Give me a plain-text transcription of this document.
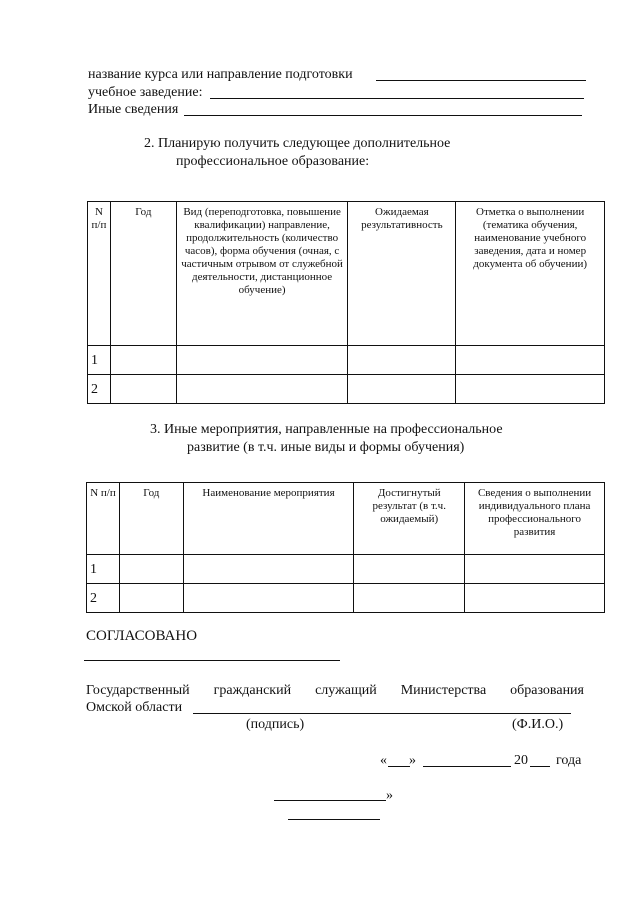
название курса или направление подготовки
учебное заведение:
Иные сведения
2. Планирую получить следующее дополнительное
профессиональное образование:
N п/п	Год	Вид (переподготовка, повышение квалификации) направление, продолжительность (количество часов), форма обучения (очная, с частичным отрывом от служебной деятельности, дистанционное обучение)	Ожидаемая результативность	Отметка о выполнении (тематика обучения, наименование учебного заведения, дата и номер документа об обучении)
1				
2				
3. Иные мероприятия, направленные на профессиональное
развитие (в т.ч. иные виды и формы обучения)
N п/п	Год	Наименование мероприятия	Достигнутый результат (в т.ч. ожидаемый)	Сведения о выполнении индивидуального плана профессионального развития
1				
2				
СОГЛАСОВАНО
Государственный гражданский служащий Министерства образования
Омской области
(подпись)	(Ф.И.О.)
« »	20 года
»
